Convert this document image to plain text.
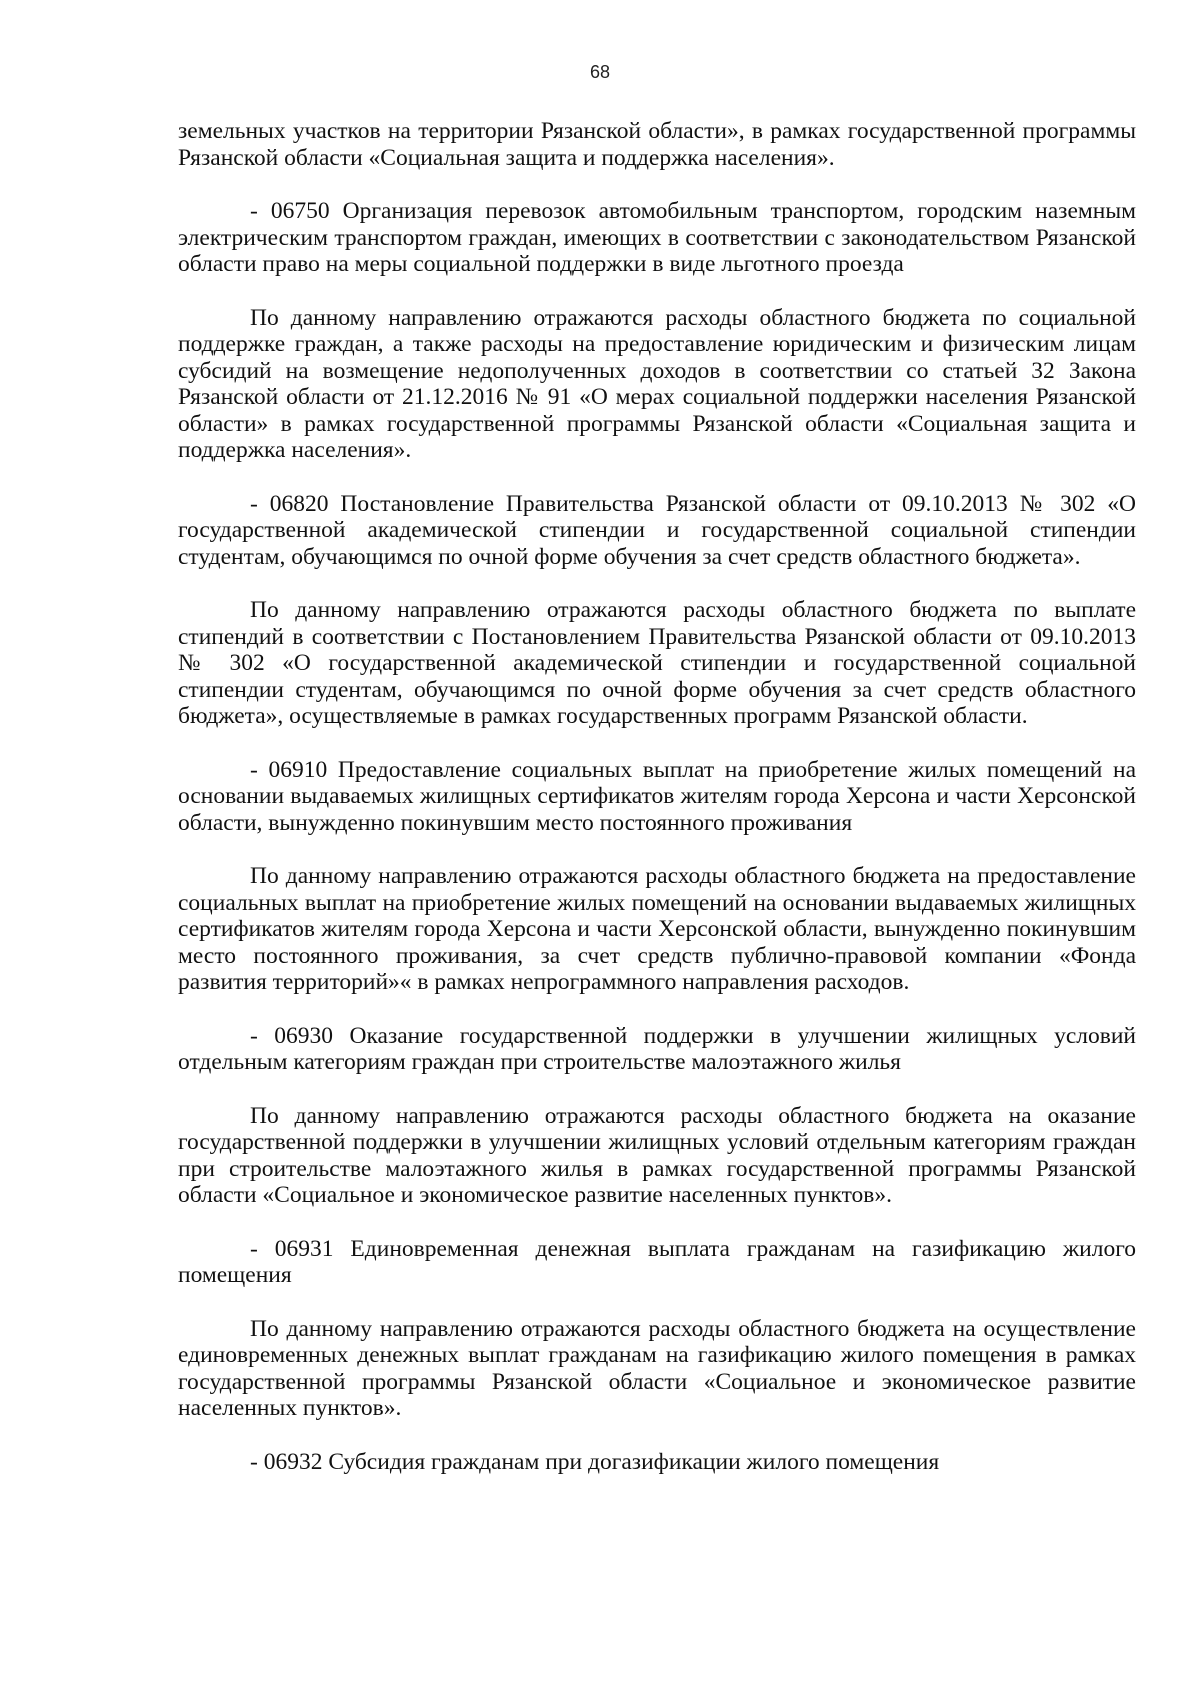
68

земельных участков на территории Рязанской области», в рамках государственной программы Рязанской области «Социальная защита и поддержка населения».

- 06750 Организация перевозок автомобильным транспортом, городским наземным электрическим транспортом граждан, имеющих в соответствии с законодательством Рязанской области право на меры социальной поддержки в виде льготного проезда

По данному направлению отражаются расходы областного бюджета по социальной поддержке граждан, а также расходы на предоставление юридическим и физическим лицам субсидий на возмещение недополученных доходов в соответствии со статьей 32 Закона Рязанской области от 21.12.2016 № 91 «О мерах социальной поддержки населения Рязанской области» в рамках государственной программы Рязанской области «Социальная защита и поддержка населения».

- 06820 Постановление Правительства Рязанской области от 09.10.2013 № 302 «О государственной академической стипендии и государственной социальной стипендии студентам, обучающимся по очной форме обучения за счет средств областного бюджета».

По данному направлению отражаются расходы областного бюджета по выплате стипендий в соответствии с Постановлением Правительства Рязанской области от 09.10.2013 № 302 «О государственной академической стипендии и государственной социальной стипендии студентам, обучающимся по очной форме обучения за счет средств областного бюджета», осуществляемые в рамках государственных программ Рязанской области.

- 06910 Предоставление социальных выплат на приобретение жилых помещений на основании выдаваемых жилищных сертификатов жителям города Херсона и части Херсонской области, вынужденно покинувшим место постоянного проживания

По данному направлению отражаются расходы областного бюджета на предоставление социальных выплат на приобретение жилых помещений на основании выдаваемых жилищных сертификатов жителям города Херсона и части Херсонской области, вынужденно покинувшим место постоянного проживания, за счет средств публично-правовой компании «Фонда развития территорий»« в рамках непрограммного направления расходов.

- 06930 Оказание государственной поддержки в улучшении жилищных условий отдельным категориям граждан при строительстве малоэтажного жилья

По данному направлению отражаются расходы областного бюджета на оказание государственной поддержки в улучшении жилищных условий отдельным категориям граждан при строительстве малоэтажного жилья в рамках государственной программы Рязанской области «Социальное и экономическое развитие населенных пунктов».

- 06931 Единовременная денежная выплата гражданам на газификацию жилого помещения

По данному направлению отражаются расходы областного бюджета на осуществление единовременных денежных выплат гражданам на газификацию жилого помещения в рамках государственной программы Рязанской области «Социальное и экономическое развитие населенных пунктов».

- 06932 Субсидия гражданам при догазификации жилого помещения
